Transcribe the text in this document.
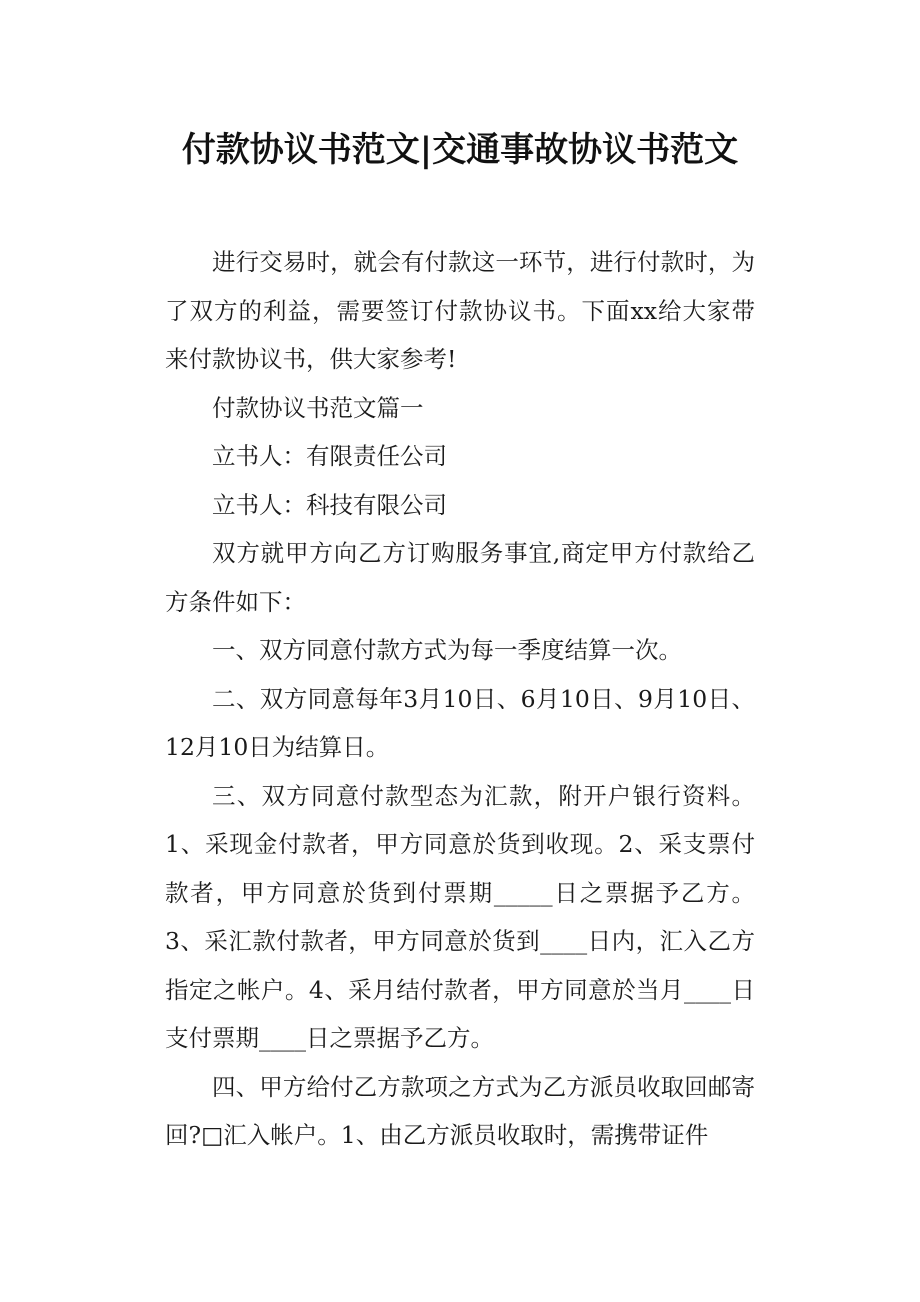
付款协议书范文|交通事故协议书范文

进行交易时，就会有付款这一环节，进行付款时，为了双方的利益，需要签订付款协议书。下面xx给大家带来付款协议书，供大家参考!

付款协议书范文篇一

立书人：有限责任公司

立书人：科技有限公司

双方就甲方向乙方订购服务事宜,商定甲方付款给乙方条件如下：

一、双方同意付款方式为每一季度结算一次。

二、双方同意每年3月10日、6月10日、9月10日、12月10日为结算日。

三、双方同意付款型态为汇款，附开户银行资料。1、采现金付款者，甲方同意於货到收现。2、采支票付款者，甲方同意於货到付票期_____日之票据予乙方。3、采汇款付款者，甲方同意於货到____日内，汇入乙方指定之帐户。4、采月结付款者，甲方同意於当月____日支付票期____日之票据予乙方。

四、甲方给付乙方款项之方式为乙方派员收取回邮寄回?□汇入帐户。1、由乙方派员收取时，需携带证件
